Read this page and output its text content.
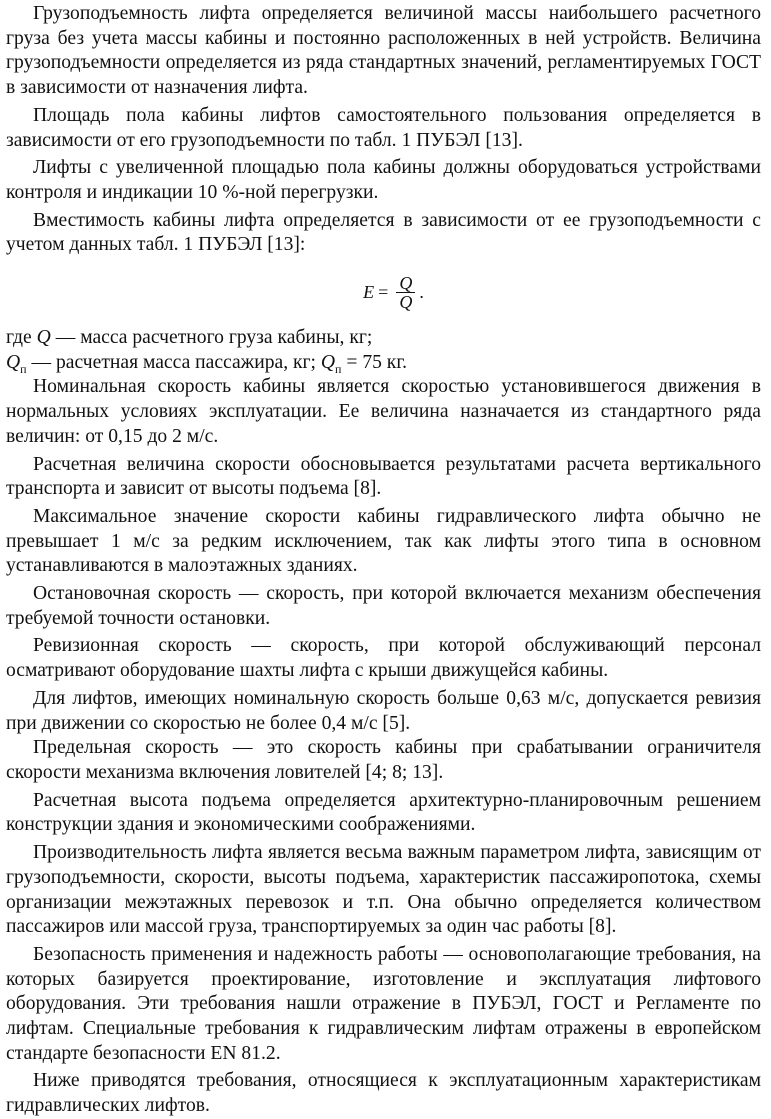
Грузоподъемность лифта определяется величиной массы наибольшего расчетного груза без учета массы кабины и постоянно расположенных в ней устройств. Величина грузоподъемности определяется из ряда стандартных значений, регламентируемых ГОСТ в зависимости от назначения лифта.

Площадь пола кабины лифтов самостоятельного пользования определяется в зависимости от его грузоподъемности по табл. 1 ПУБЭЛ [13].

Лифты с увеличенной площадью пола кабины должны оборудоваться устройствами контроля и индикации 10 %-ной перегрузки.

Вместимость кабины лифта определяется в зависимости от ее грузоподъемности с учетом данных табл. 1 ПУБЭЛ [13]:

$E = \frac{Q}{Q}$ .

где Q — масса расчетного груза кабины, кг;

$Q_п$ — расчетная масса пассажира, кг; $Q_п = 75$ кг.

Номинальная скорость кабины является скоростью установившегося движения в нормальных условиях эксплуатации. Ее величина назначается из стандартного ряда величин: от 0,15 до 2 м/с.

Расчетная величина скорости обосновывается результатами расчета вертикального транспорта и зависит от высоты подъема [8].

Максимальное значение скорости кабины гидравлического лифта обычно не превышает 1 м/с за редким исключением, так как лифты этого типа в основном устанавливаются в малоэтажных зданиях.

Остановочная скорость — скорость, при которой включается механизм обеспечения требуемой точности остановки.

Ревизионная скорость — скорость, при которой обслуживающий персонал осматривают оборудование шахты лифта с крыши движущейся кабины.

Для лифтов, имеющих номинальную скорость больше 0,63 м/с, допускается ревизия при движении со скоростью не более 0,4 м/с [5].

Предельная скорость — это скорость кабины при срабатывании ограничителя скорости механизма включения ловителей [4; 8; 13].

Расчетная высота подъема определяется архитектурно-планировочным решением конструкции здания и экономическими соображениями.

Производительность лифта является весьма важным параметром лифта, зависящим от грузоподъемности, скорости, высоты подъема, характеристик пассажиропотока, схемы организации межэтажных перевозок и т.п. Она обычно определяется количеством пассажиров или массой груза, транспортируемых за один час работы [8].

Безопасность применения и надежность работы — основополагающие требования, на которых базируется проектирование, изготовление и эксплуатация лифтового оборудования. Эти требования нашли отражение в ПУБЭЛ, ГОСТ и Регламенте по лифтам. Специальные требования к гидравлическим лифтам отражены в европейском стандарте безопасности EN 81.2.

Ниже приводятся требования, относящиеся к эксплуатационным характеристикам гидравлических лифтов.
